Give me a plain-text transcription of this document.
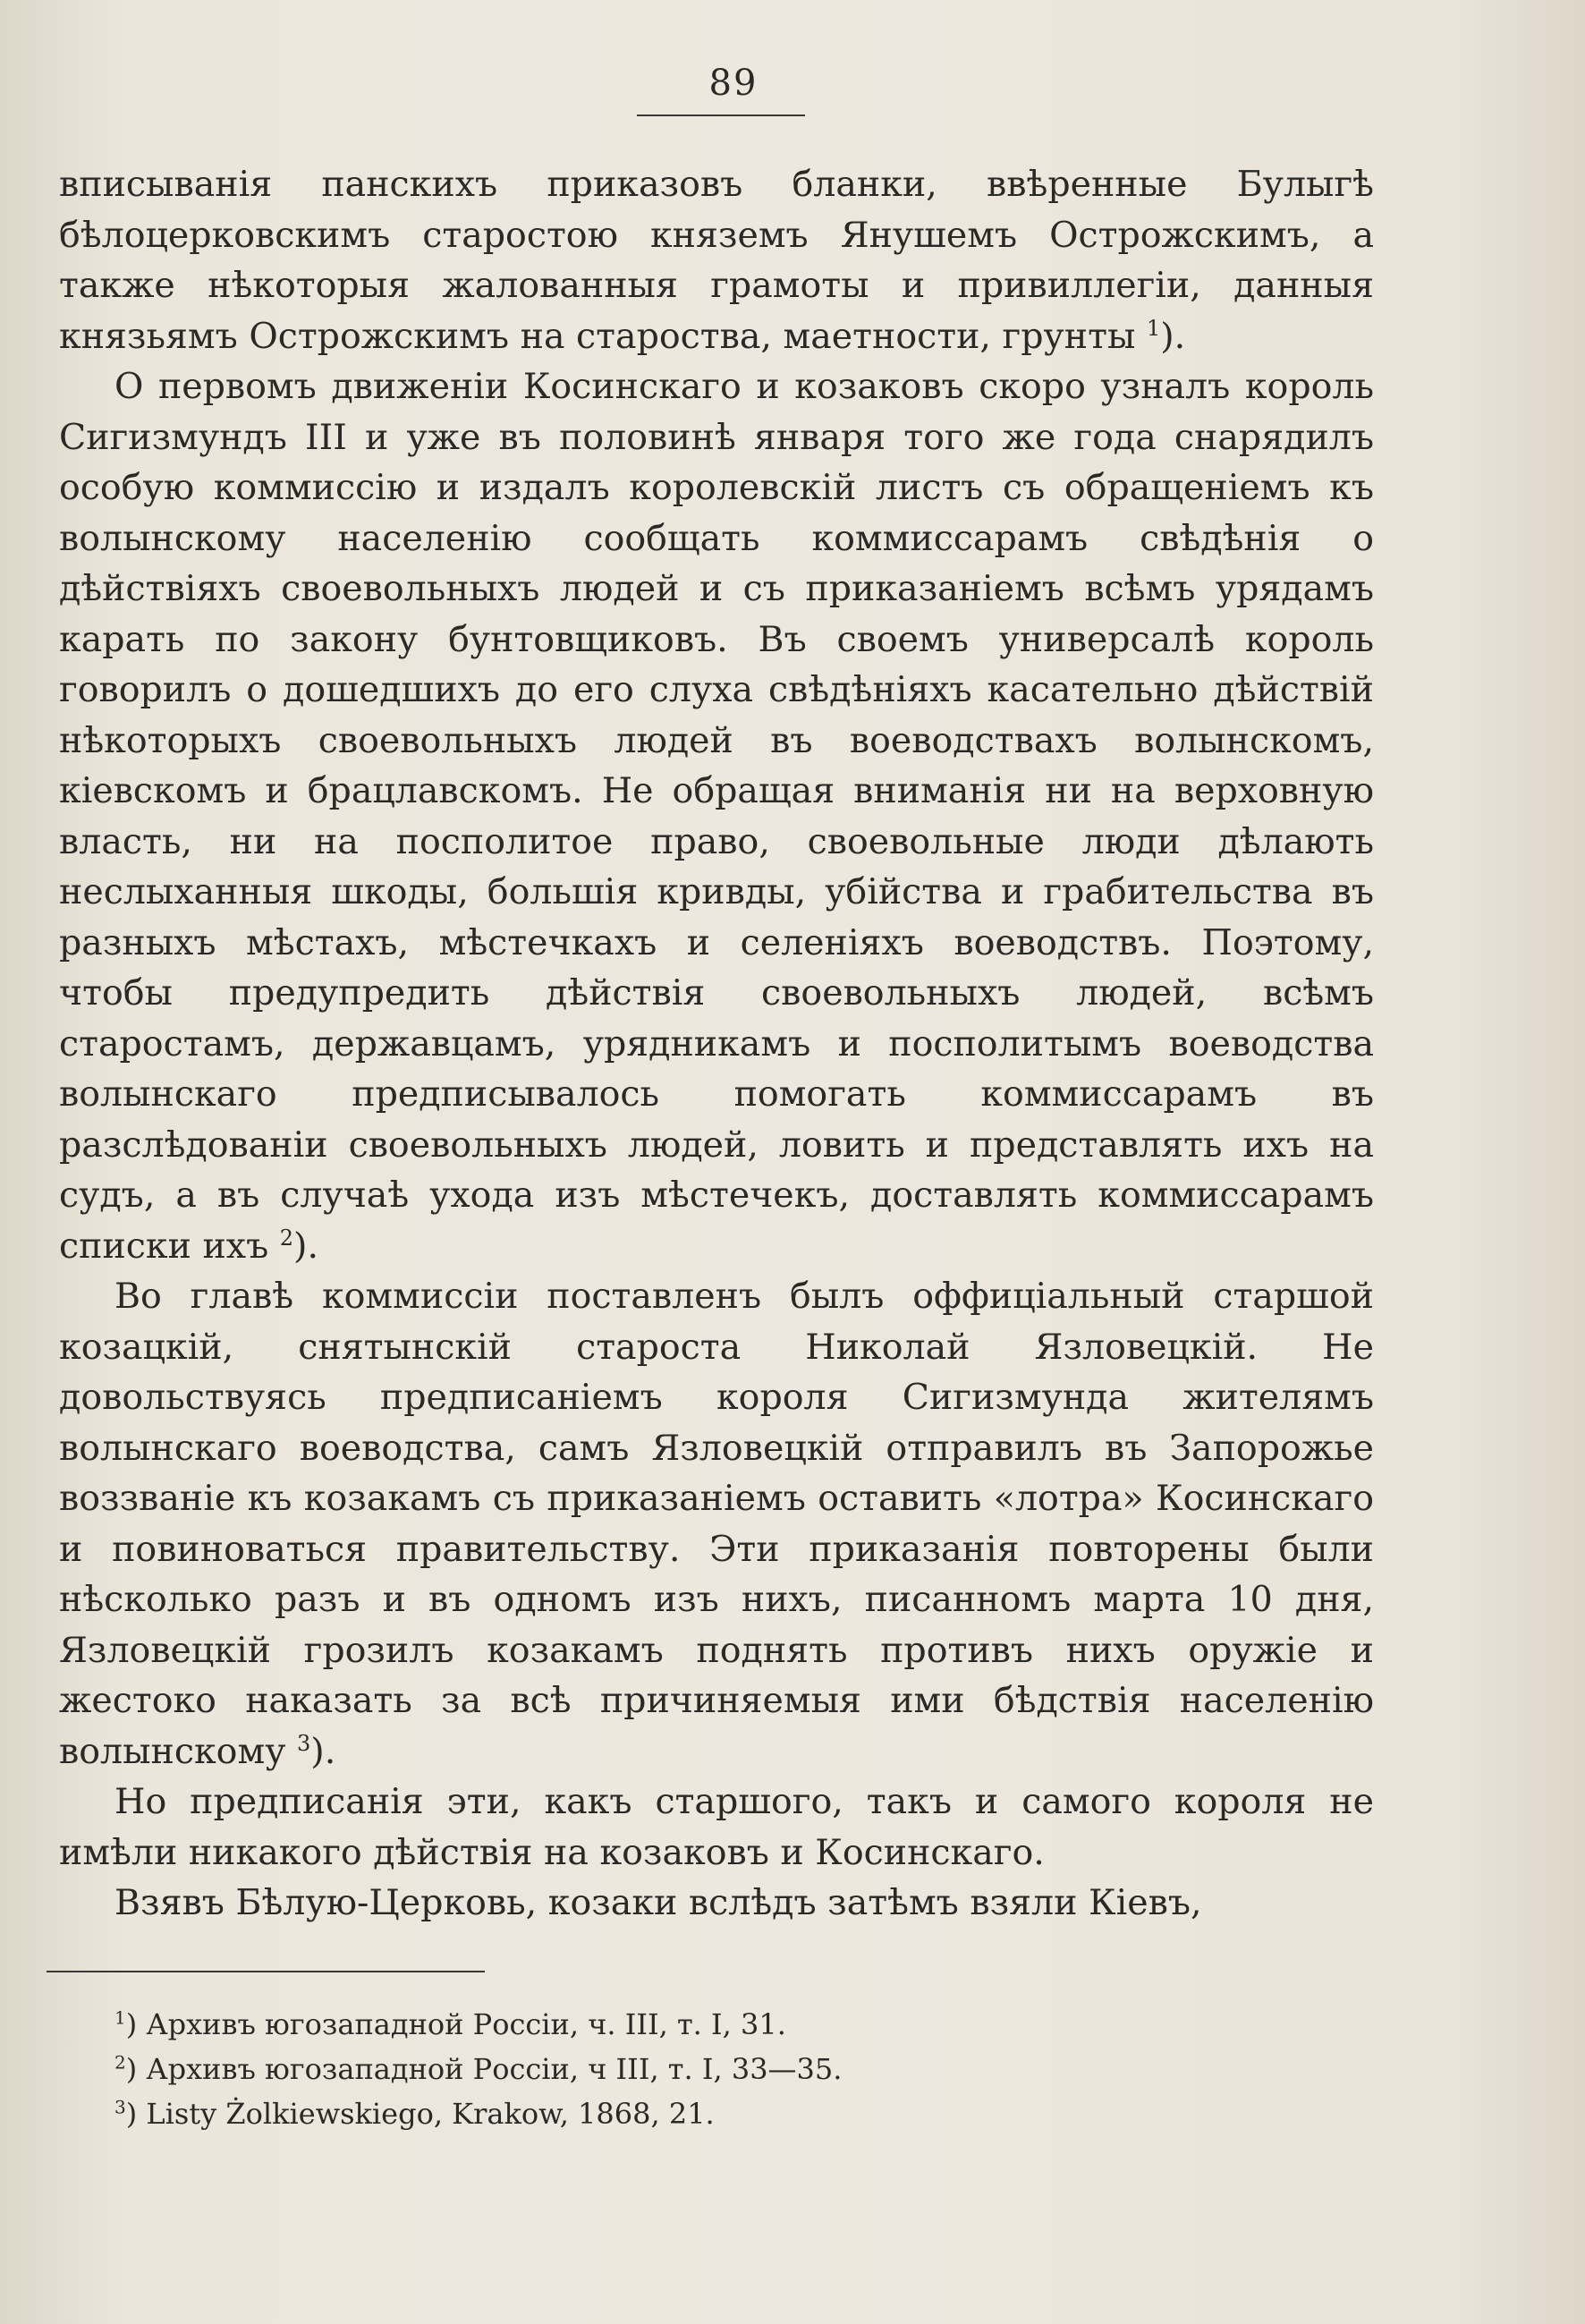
89

вписыванія панскихъ приказовъ бланки, ввѣренные Булыгѣ бѣлоцерковскимъ старостою княземъ Янушемъ Острожскимъ, а также нѣкоторыя жалованныя грамоты и привиллегіи, данныя князьямъ Острожскимъ на староства, маетности, грунты $^1$).

О первомъ движеніи Косинскаго и козаковъ скоро узналъ король Сигизмундъ III и уже въ половинѣ января того же года снарядилъ особую коммиссію и издалъ королевскій листъ съ обращеніемъ къ волынскому населенію сообщать коммиссарамъ свѣдѣнія о дѣйствіяхъ своевольныхъ людей и съ приказаніемъ всѣмъ урядамъ карать по закону бунтовщиковъ. Въ своемъ универсалѣ король говорилъ о дошедшихъ до его слуха свѣдѣніяхъ касательно дѣйствій нѣкоторыхъ своевольныхъ людей въ воеводствахъ волынскомъ, кіевскомъ и брацлавскомъ. Не обращая вниманія ни на верховную власть, ни на посполитое право, своевольные люди дѣлають неслыханныя шкоды, большія кривды, убійства и грабительства въ разныхъ мѣстахъ, мѣстечкахъ и селеніяхъ воеводствъ. Поэтому, чтобы предупредить дѣйствія своевольныхъ людей, всѣмъ старостамъ, державцамъ, урядникамъ и посполитымъ воеводства волынскаго предписывалось помогать коммиссарамъ въ разслѣдованіи своевольныхъ людей, ловить и представлять ихъ на судъ, а въ случаѣ ухода изъ мѣстечекъ, доставлять коммиссарамъ списки ихъ $^2$).

Во главѣ коммиссіи поставленъ былъ оффиціальный старшой козацкій, снятынскій староста Николай Язловецкій. Не довольствуясь предписаніемъ короля Сигизмунда жителямъ волынскаго воеводства, самъ Язловецкій отправилъ въ Запорожье воззваніе къ козакамъ съ приказаніемъ оставить «лотра» Косинскаго и повиноваться правительству. Эти приказанія повторены были нѣсколько разъ и въ одномъ изъ нихъ, писанномъ марта 10 дня, Язловецкій грозилъ козакамъ поднять противъ нихъ оружіе и жестоко наказать за всѣ причиняемыя ими бѣдствія населенію волынскому $^3$).

Но предписанія эти, какъ старшого, такъ и самого короля не имѣли никакого дѣйствія на козаковъ и Косинскаго.

Взявъ Бѣлую-Церковь, козаки вслѣдъ затѣмъ взяли Кіевъ,

$^1$) Архивъ югозападной Россіи, ч. III, т. I, 31.

$^2$) Архивъ югозападной Россіи, ч III, т. I, 33—35.

$^3$) Listy Żolkiewskiego, Krakow, 1868, 21.
